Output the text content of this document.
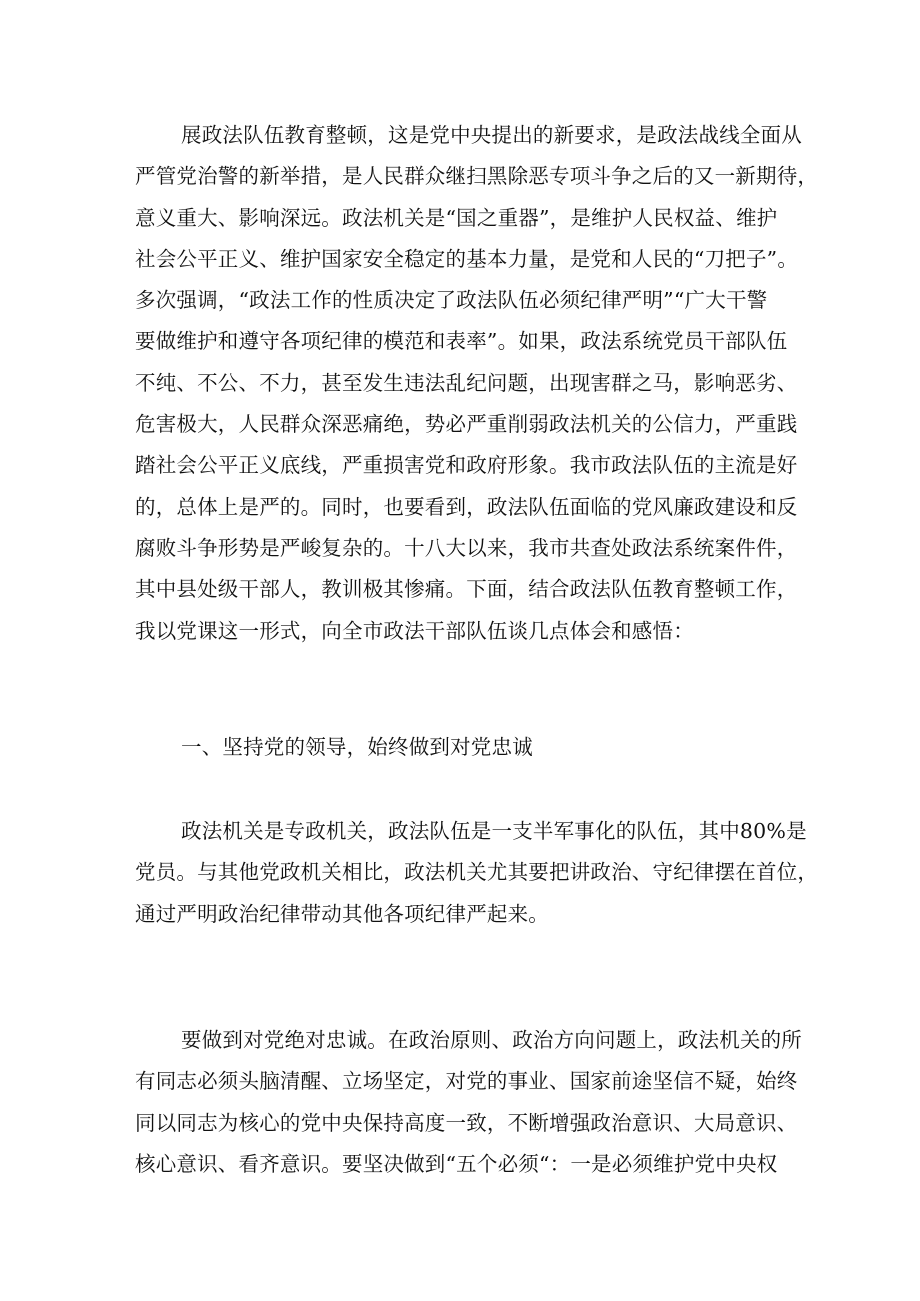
展政法队伍教育整顿，这是党中央提出的新要求，是政法战线全面从
严管党治警的新举措，是人民群众继扫黑除恶专项斗争之后的又一新期待，
意义重大、影响深远。政法机关是“国之重器”，是维护人民权益、维护
社会公平正义、维护国家安全稳定的基本力量，是党和人民的“刀把子”。
多次强调，“政法工作的性质决定了政法队伍必须纪律严明”“广大干警
要做维护和遵守各项纪律的模范和表率”。如果，政法系统党员干部队伍
不纯、不公、不力，甚至发生违法乱纪问题，出现害群之马，影响恶劣、
危害极大，人民群众深恶痛绝，势必严重削弱政法机关的公信力，严重践
踏社会公平正义底线，严重损害党和政府形象。我市政法队伍的主流是好
的，总体上是严的。同时，也要看到，政法队伍面临的党风廉政建设和反
腐败斗争形势是严峻复杂的。十八大以来，我市共查处政法系统案件件，
其中县处级干部人，教训极其惨痛。下面，结合政法队伍教育整顿工作，
我以党课这一形式，向全市政法干部队伍谈几点体会和感悟：
一、坚持党的领导，始终做到对党忠诚
政法机关是专政机关，政法队伍是一支半军事化的队伍，其中80%是
党员。与其他党政机关相比，政法机关尤其要把讲政治、守纪律摆在首位，
通过严明政治纪律带动其他各项纪律严起来。
要做到对党绝对忠诚。在政治原则、政治方向问题上，政法机关的所
有同志必须头脑清醒、立场坚定，对党的事业、国家前途坚信不疑，始终
同以同志为核心的党中央保持高度一致，不断增强政治意识、大局意识、
核心意识、看齐意识。要坚决做到“五个必须“：一是必须维护党中央权
